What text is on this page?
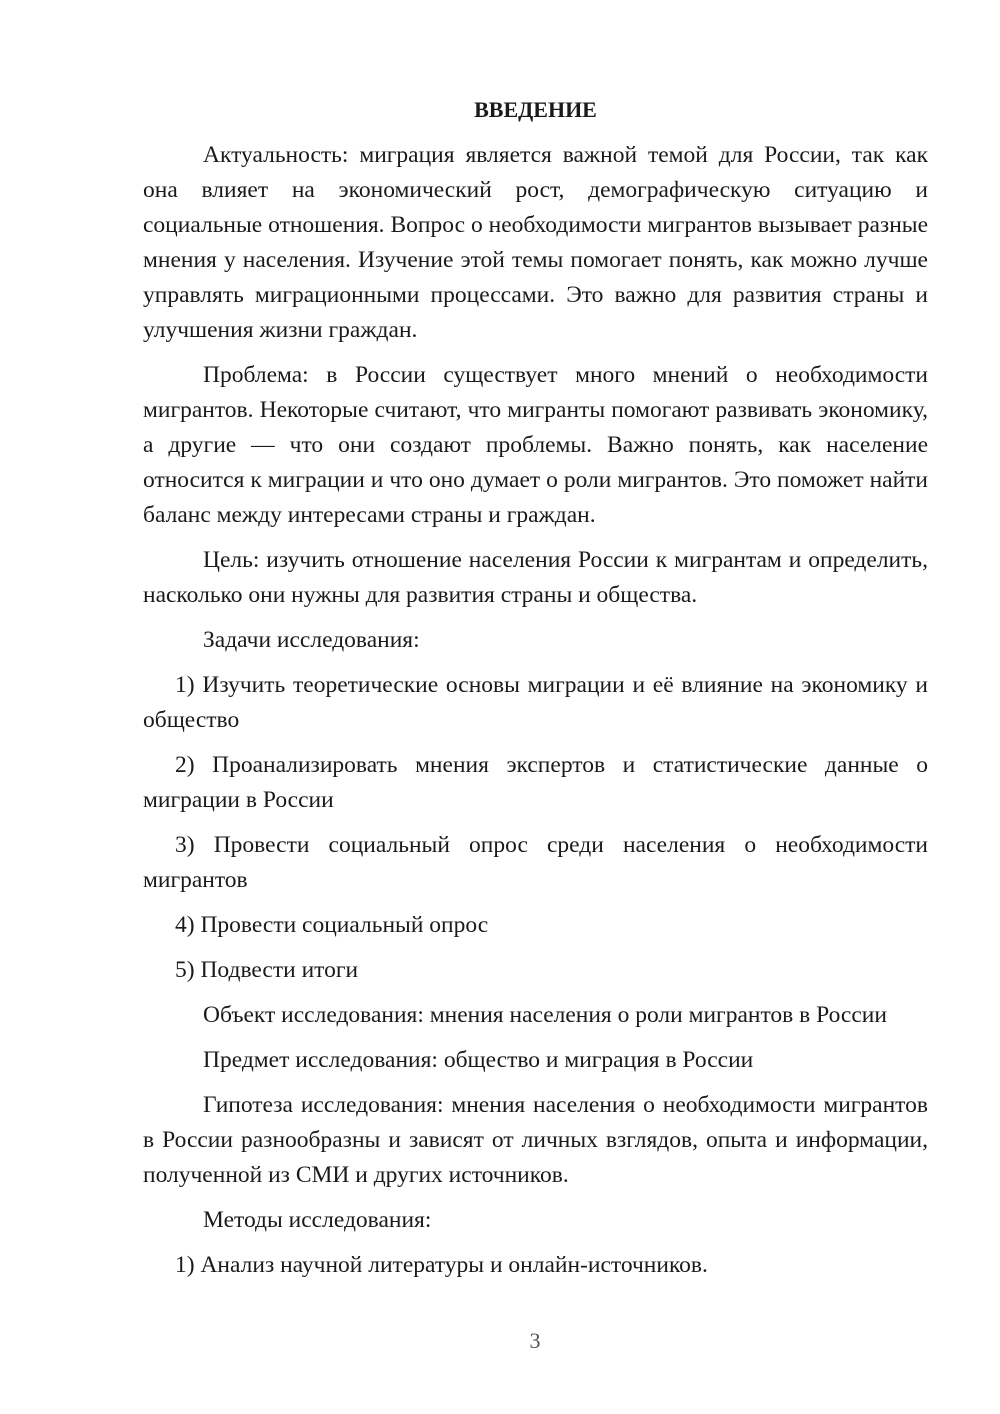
ВВЕДЕНИЕ

Актуальность: миграция является важной темой для России, так как она влияет на экономический рост, демографическую ситуацию и социальные отношения. Вопрос о необходимости мигрантов вызывает разные мнения у населения. Изучение этой темы помогает понять, как можно лучше управлять миграционными процессами. Это важно для развития страны и улучшения жизни граждан.

Проблема: в России существует много мнений о необходимости мигрантов. Некоторые считают, что мигранты помогают развивать экономику, а другие — что они создают проблемы. Важно понять, как население относится к миграции и что оно думает о роли мигрантов. Это поможет найти баланс между интересами страны и граждан.

Цель: изучить отношение населения России к мигрантам и определить, насколько они нужны для развития страны и общества.

Задачи исследования:

1) Изучить теоретические основы миграции и её влияние на экономику и общество

2) Проанализировать мнения экспертов и статистические данные о миграции в России

3) Провести социальный опрос среди населения о необходимости мигрантов

4) Провести социальный опрос

5) Подвести итоги

Объект исследования: мнения населения о роли мигрантов в России

Предмет исследования: общество и миграция в России

Гипотеза исследования: мнения населения о необходимости мигрантов в России разнообразны и зависят от личных взглядов, опыта и информации, полученной из СМИ и других источников.

Методы исследования:

1) Анализ научной литературы и онлайн-источников.

3
